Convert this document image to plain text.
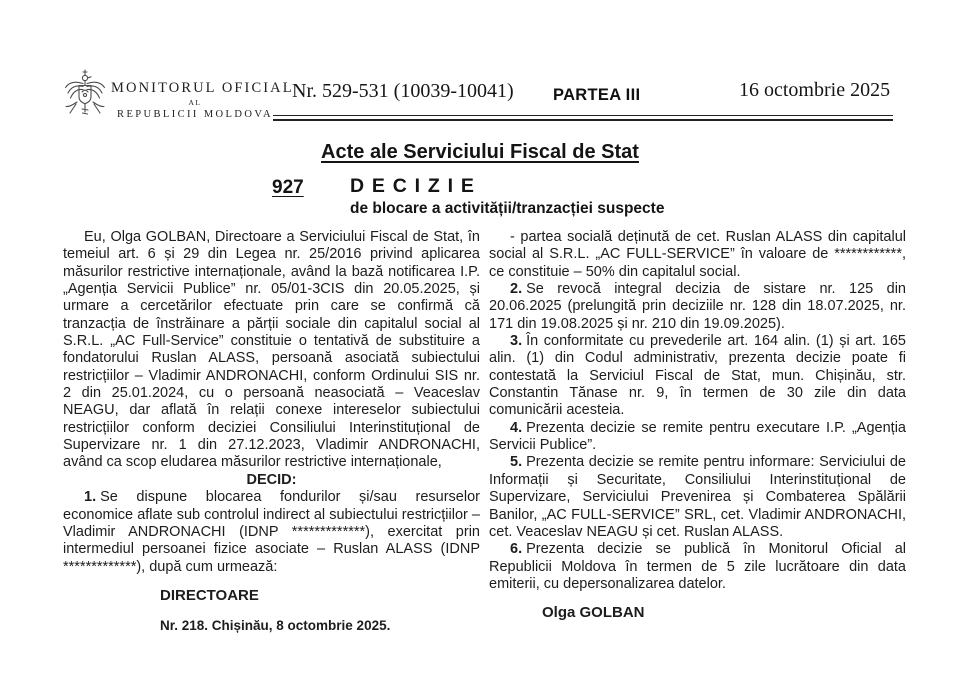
MONITORUL OFICIAL
AL
REPUBLICII MOLDOVA
Nr. 529-531 (10039-10041) PARTEA III	16 octombrie 2025
Acte ale Serviciului Fiscal de Stat
927 D E C I Z I E
de blocare a activității/tranzacției suspecte

Eu, Olga GOLBAN, Directoare a Serviciului Fiscal de Stat, în temeiul art. 6 și 29 din Legea nr. 25/2016 privind aplicarea măsurilor restrictive internaționale, având la bază notificarea I.P. „Agenția Servicii Publice” nr. 05/01-3CIS din 20.05.2025, și urmare a cercetărilor efectuate prin care se confirmă că tranzacția de înstrăinare a părții sociale din capitalul social al S.R.L. „AC Full-Service” constituie o tentativă de substituire a fondatorului Ruslan ALASS, persoană asociată subiectului restricțiilor – Vladimir ANDRONACHI, conform Ordinului SIS nr. 2 din 25.01.2024, cu o persoană neasociată – Veaceslav NEAGU, dar aflată în relații conexe intereselor subiectului restricțiilor conform deciziei Consiliului Interinstituțional de Supervizare nr. 1 din 27.12.2023, Vladimir ANDRONACHI, având ca scop eludarea măsurilor restrictive internaționale,

DECID:

1. Se dispune blocarea fondurilor și/sau resurselor economice aflate sub controlul indirect al subiectului restricțiilor – Vladimir ANDRONACHI (IDNP *************), exercitat prin intermediul persoanei fizice asociate – Ruslan ALASS (IDNP *************), după cum urmează:

DIRECTOARE
Nr. 218. Chișinău, 8 octombrie 2025.

- partea socială deținută de cet. Ruslan ALASS din capitalul social al S.R.L. „AC FULL-SERVICE” în valoare de ************, ce constituie – 50% din capitalul social.

2. Se revocă integral decizia de sistare nr. 125 din 20.06.2025 (prelungită prin deciziile nr. 128 din 18.07.2025, nr. 171 din 19.08.2025 și nr. 210 din 19.09.2025).

3. În conformitate cu prevederile art. 164 alin. (1) și art. 165 alin. (1) din Codul administrativ, prezenta decizie poate fi contestată la Serviciul Fiscal de Stat, mun. Chișinău, str. Constantin Tănase nr. 9, în termen de 30 zile din data comunicării acesteia.

4. Prezenta decizie se remite pentru executare I.P. „Agenția Servicii Publice”.

5. Prezenta decizie se remite pentru informare: Serviciului de Informații și Securitate, Consiliului Interinstituțional de Supervizare, Serviciului Prevenirea și Combaterea Spălării Banilor, „AC FULL-SERVICE” SRL, cet. Vladimir ANDRONACHI, cet. Veaceslav NEAGU și cet. Ruslan ALASS.

6. Prezenta decizie se publică în Monitorul Oficial al Republicii Moldova în termen de 5 zile lucrătoare din data emiterii, cu depersonalizarea datelor.

Olga GOLBAN
